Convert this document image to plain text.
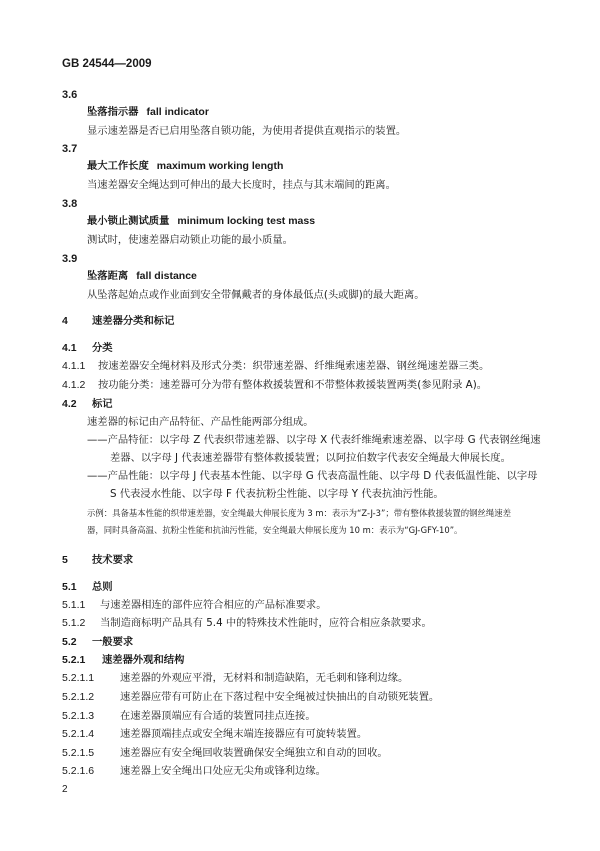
GB 24544—2009
3.6
坠落指示器 fall indicator
显示速差器是否已启用坠落自锁功能，为使用者提供直观指示的装置。
3.7
最大工作长度 maximum working length
当速差器安全绳达到可伸出的最大长度时，挂点与其末端间的距离。
3.8
最小锁止测试质量 minimum locking test mass
测试时，使速差器启动锁止功能的最小质量。
3.9
坠落距离 fall distance
从坠落起始点或作业面到安全带佩戴者的身体最低点(头或脚)的最大距离。
4 速差器分类和标记
4.1 分类
4.1.1 按速差器安全绳材料及形式分类：织带速差器、纤维绳索速差器、钢丝绳速差器三类。
4.1.2 按功能分类：速差器可分为带有整体救援装置和不带整体救援装置两类(参见附录 A)。
4.2 标记
速差器的标记由产品特征、产品性能两部分组成。
——产品特征：以字母 Z 代表织带速差器、以字母 X 代表纤维绳索速差器、以字母 G 代表钢丝绳速
差器、以字母 J 代表速差器带有整体救援装置；以阿拉伯数字代表安全绳最大伸展长度。
——产品性能：以字母 J 代表基本性能、以字母 G 代表高温性能、以字母 D 代表低温性能、以字母
S 代表浸水性能、以字母 F 代表抗粉尘性能、以字母 Y 代表抗油污性能。
示例：具备基本性能的织带速差器，安全绳最大伸展长度为 3 m：表示为“Z-J-3”；带有整体救援装置的钢丝绳速差
器，同时具备高温、抗粉尘性能和抗油污性能，安全绳最大伸展长度为 10 m：表示为“GJ-GFY-10”。
5 技术要求
5.1 总则
5.1.1 与速差器相连的部件应符合相应的产品标准要求。
5.1.2 当制造商标明产品具有 5.4 中的特殊技术性能时，应符合相应条款要求。
5.2 一般要求
5.2.1 速差器外观和结构
5.2.1.1	速差器的外观应平滑，无材料和制造缺陷，无毛刺和锋利边缘。
5.2.1.2	速差器应带有可防止在下落过程中安全绳被过快抽出的自动锁死装置。
5.2.1.3	在速差器顶端应有合适的装置同挂点连接。
5.2.1.4	速差器顶端挂点或安全绳末端连接器应有可旋转装置。
5.2.1.5	速差器应有安全绳回收装置确保安全绳独立和自动的回收。
5.2.1.6	速差器上安全绳出口处应无尖角或锋利边缘。
2
